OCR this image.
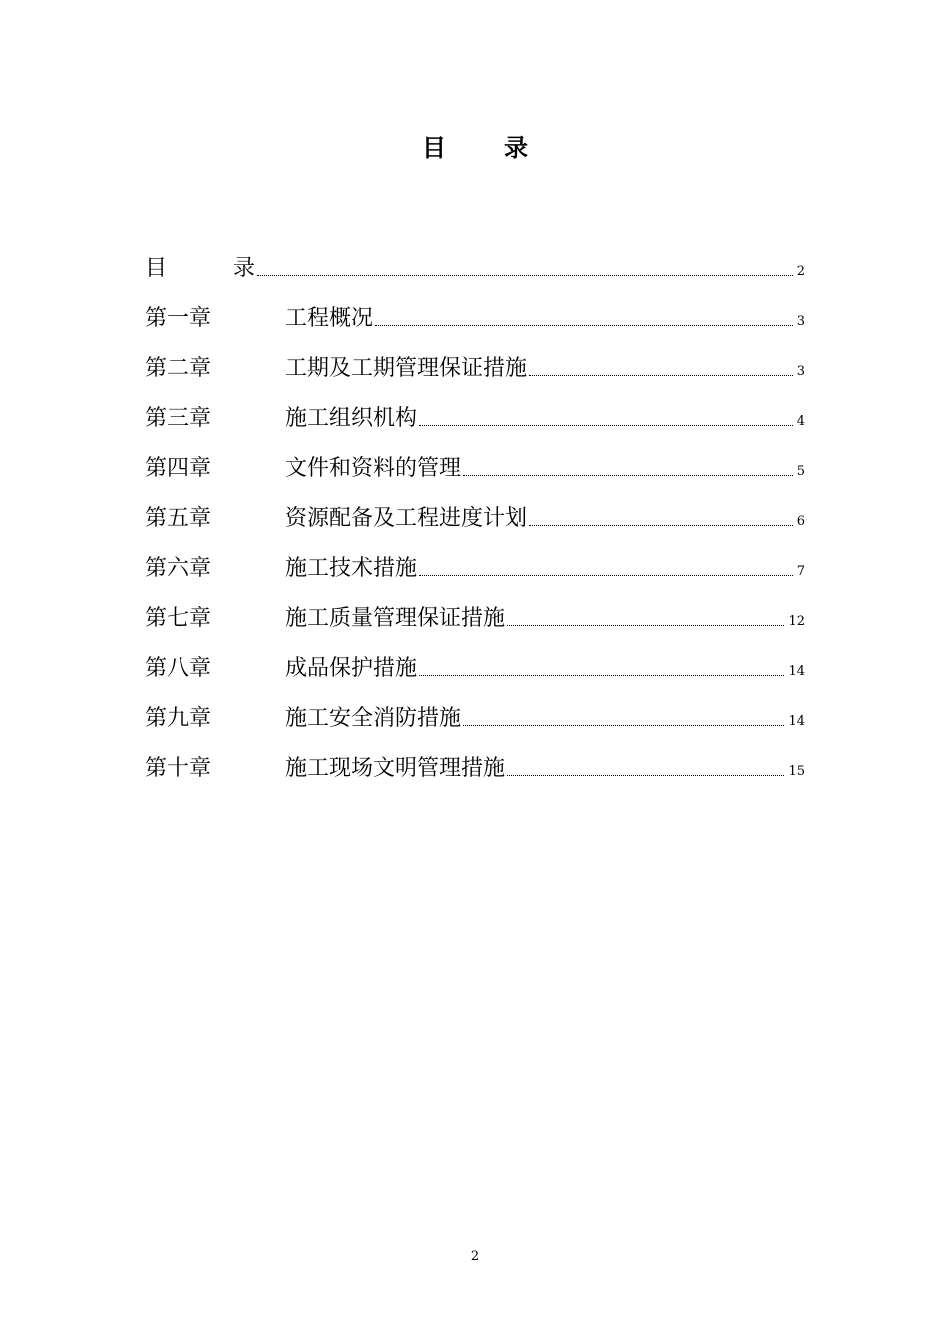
目 录
目	录	2
第一章	工程概况	3
第二章	工期及工期管理保证措施	3
第三章	施工组织机构	4
第四章	文件和资料的管理	5
第五章	资源配备及工程进度计划	6
第六章	施工技术措施	7
第七章	施工质量管理保证措施	12
第八章	成品保护措施	14
第九章	施工安全消防措施	14
第十章	施工现场文明管理措施	15
2
